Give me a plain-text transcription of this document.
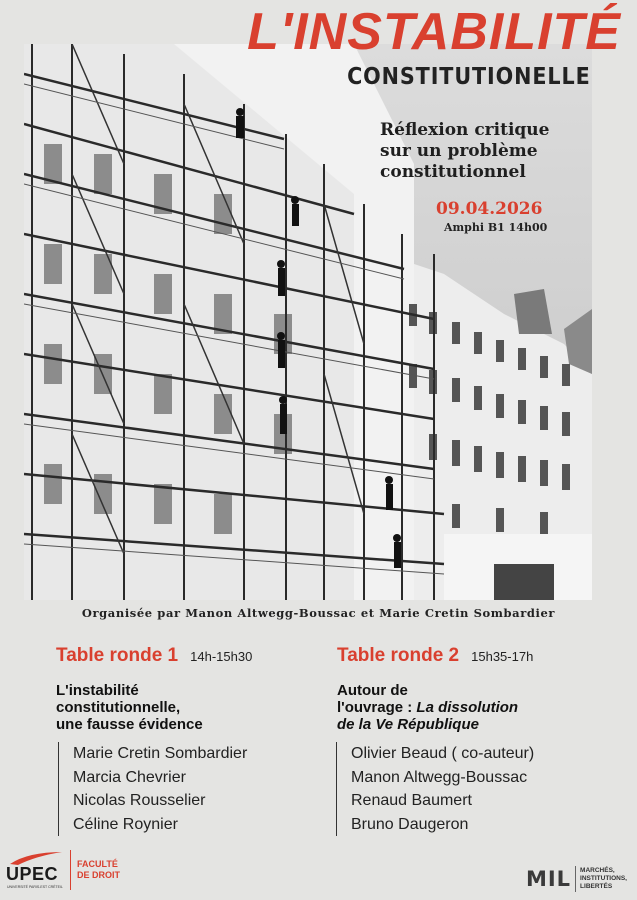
L'INSTABILITÉ
CONSTITUTIONELLE
Réflexion critique
sur un problème
constitutionnel
09.04.2026
Amphi B1 14h00
Organisée par Manon Altwegg-Boussac et Marie Cretin Sombardier
Table ronde 1 14h-15h30
L'instabilité
constitutionnelle,
une fausse évidence
Marie Cretin Sombardier
Marcia Chevrier
Nicolas Rousselier
Céline Roynier
Table ronde 2 15h35-17h
Autour de
l'ouvrage : La dissolution
de la Ve République
Olivier Beaud ( co-auteur)
Manon Altwegg-Boussac
Renaud Baumert
Bruno Daugeron
UPEC
UNIVERSITÉ PARIS-EST CRÉTEIL
FACULTÉ
DE DROIT	MIL MARCHÉS,
INSTITUTIONS,
LIBERTÉS
